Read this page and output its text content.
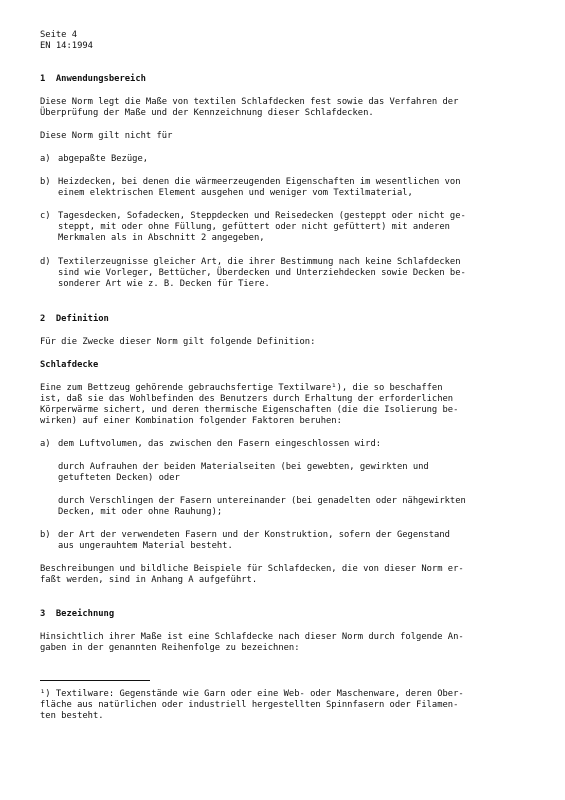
Seite 4
EN 14:1994
1 Anwendungsbereich
Diese Norm legt die Maße von textilen Schlafdecken fest sowie das Verfahren der
Überprüfung der Maße und der Kennzeichnung dieser Schlafdecken.
Diese Norm gilt nicht für
a) abgepaßte Bezüge,
b) Heizdecken, bei denen die wärmeerzeugenden Eigenschaften im wesentlichen von
einem elektrischen Element ausgehen und weniger vom Textilmaterial,
c) Tagesdecken, Sofadecken, Steppdecken und Reisedecken (gesteppt oder nicht ge-
steppt, mit oder ohne Füllung, gefüttert oder nicht gefüttert) mit anderen
Merkmalen als in Abschnitt 2 angegeben,
d) Textilerzeugnisse gleicher Art, die ihrer Bestimmung nach keine Schlafdecken
sind wie Vorleger, Bettücher, Überdecken und Unterziehdecken sowie Decken be-
sonderer Art wie z. B. Decken für Tiere.
2 Definition
Für die Zwecke dieser Norm gilt folgende Definition:
Schlafdecke
Eine zum Bettzeug gehörende gebrauchsfertige Textilware¹), die so beschaffen
ist, daß sie das Wohlbefinden des Benutzers durch Erhaltung der erforderlichen
Körperwärme sichert, und deren thermische Eigenschaften (die die Isolierung be-
wirken) auf einer Kombination folgender Faktoren beruhen:
a) dem Luftvolumen, das zwischen den Fasern eingeschlossen wird:
durch Aufrauhen der beiden Materialseiten (bei gewebten, gewirkten und
getufteten Decken) oder
durch Verschlingen der Fasern untereinander (bei genadelten oder nähgewirkten
Decken, mit oder ohne Rauhung);
b) der Art der verwendeten Fasern und der Konstruktion, sofern der Gegenstand
aus ungerauhtem Material besteht.
Beschreibungen und bildliche Beispiele für Schlafdecken, die von dieser Norm er-
faßt werden, sind in Anhang A aufgeführt.
3 Bezeichnung
Hinsichtlich ihrer Maße ist eine Schlafdecke nach dieser Norm durch folgende An-
gaben in der genannten Reihenfolge zu bezeichnen:
¹) Textilware: Gegenstände wie Garn oder eine Web- oder Maschenware, deren Ober-
fläche aus natürlichen oder industriell hergestellten Spinnfasern oder Filamen-
ten besteht.
